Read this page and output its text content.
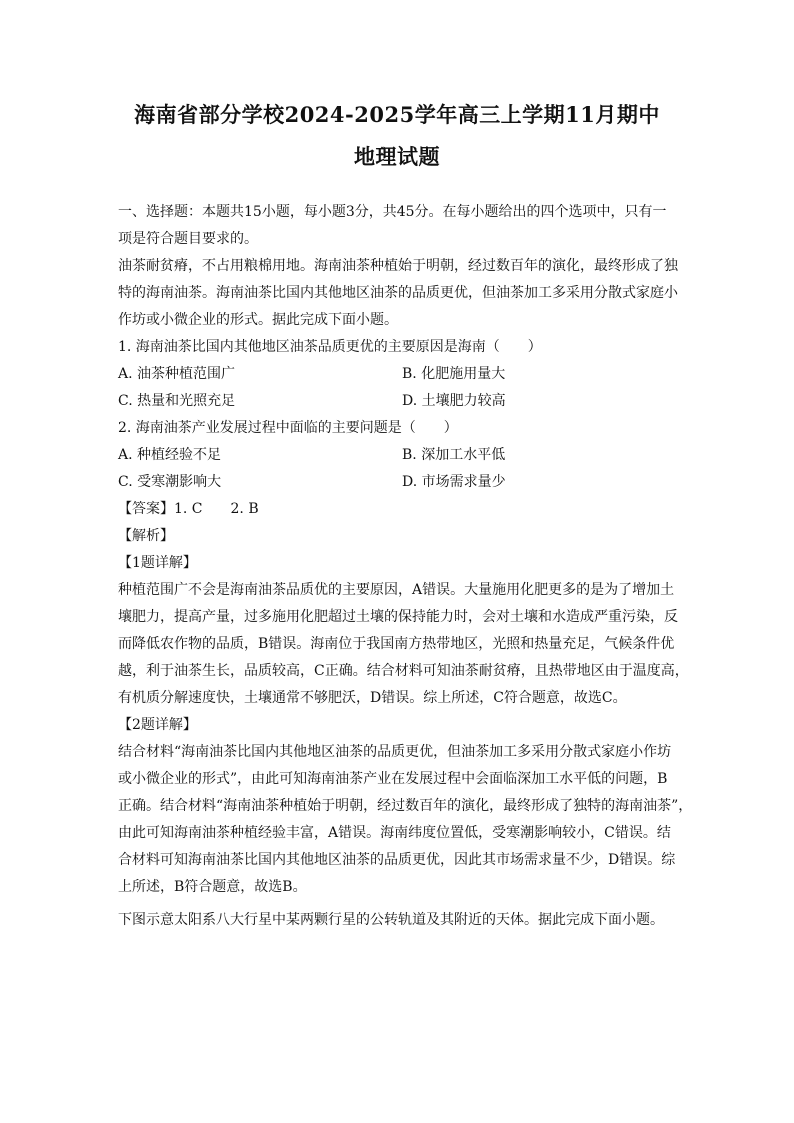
海南省部分学校2024-2025学年高三上学期11月期中
地理试题
一、选择题：本题共15小题，每小题3分，共45分。在每小题给出的四个选项中，只有一
项是符合题目要求的。
油茶耐贫瘠，不占用粮棉用地。海南油茶种植始于明朝，经过数百年的演化，最终形成了独
特的海南油茶。海南油茶比国内其他地区油茶的品质更优，但油茶加工多采用分散式家庭小
作坊或小微企业的形式。据此完成下面小题。
1. 海南油茶比国内其他地区油茶品质更优的主要原因是海南（　　）
A. 油茶种植范围广	B. 化肥施用量大
C. 热量和光照充足	D. 土壤肥力较高
2. 海南油茶产业发展过程中面临的主要问题是（　　）
A. 种植经验不足	B. 深加工水平低
C. 受寒潮影响大	D. 市场需求量少
【答案】1. C　　2. B
【解析】
【1题详解】
种植范围广不会是海南油茶品质优的主要原因，A错误。大量施用化肥更多的是为了增加土
壤肥力，提高产量，过多施用化肥超过土壤的保持能力时，会对土壤和水造成严重污染，反
而降低农作物的品质，B错误。海南位于我国南方热带地区，光照和热量充足，气候条件优
越，利于油茶生长，品质较高，C正确。结合材料可知油茶耐贫瘠，且热带地区由于温度高，
有机质分解速度快，土壤通常不够肥沃，D错误。综上所述，C符合题意，故选C。
【2题详解】
结合材料“海南油茶比国内其他地区油茶的品质更优，但油茶加工多采用分散式家庭小作坊
或小微企业的形式”，由此可知海南油茶产业在发展过程中会面临深加工水平低的问题，B
正确。结合材料“海南油茶种植始于明朝，经过数百年的演化，最终形成了独特的海南油茶”，
由此可知海南油茶种植经验丰富，A错误。海南纬度位置低，受寒潮影响较小，C错误。结
合材料可知海南油茶比国内其他地区油茶的品质更优，因此其市场需求量不少，D错误。综
上所述，B符合题意，故选B。
下图示意太阳系八大行星中某两颗行星的公转轨道及其附近的天体。据此完成下面小题。
